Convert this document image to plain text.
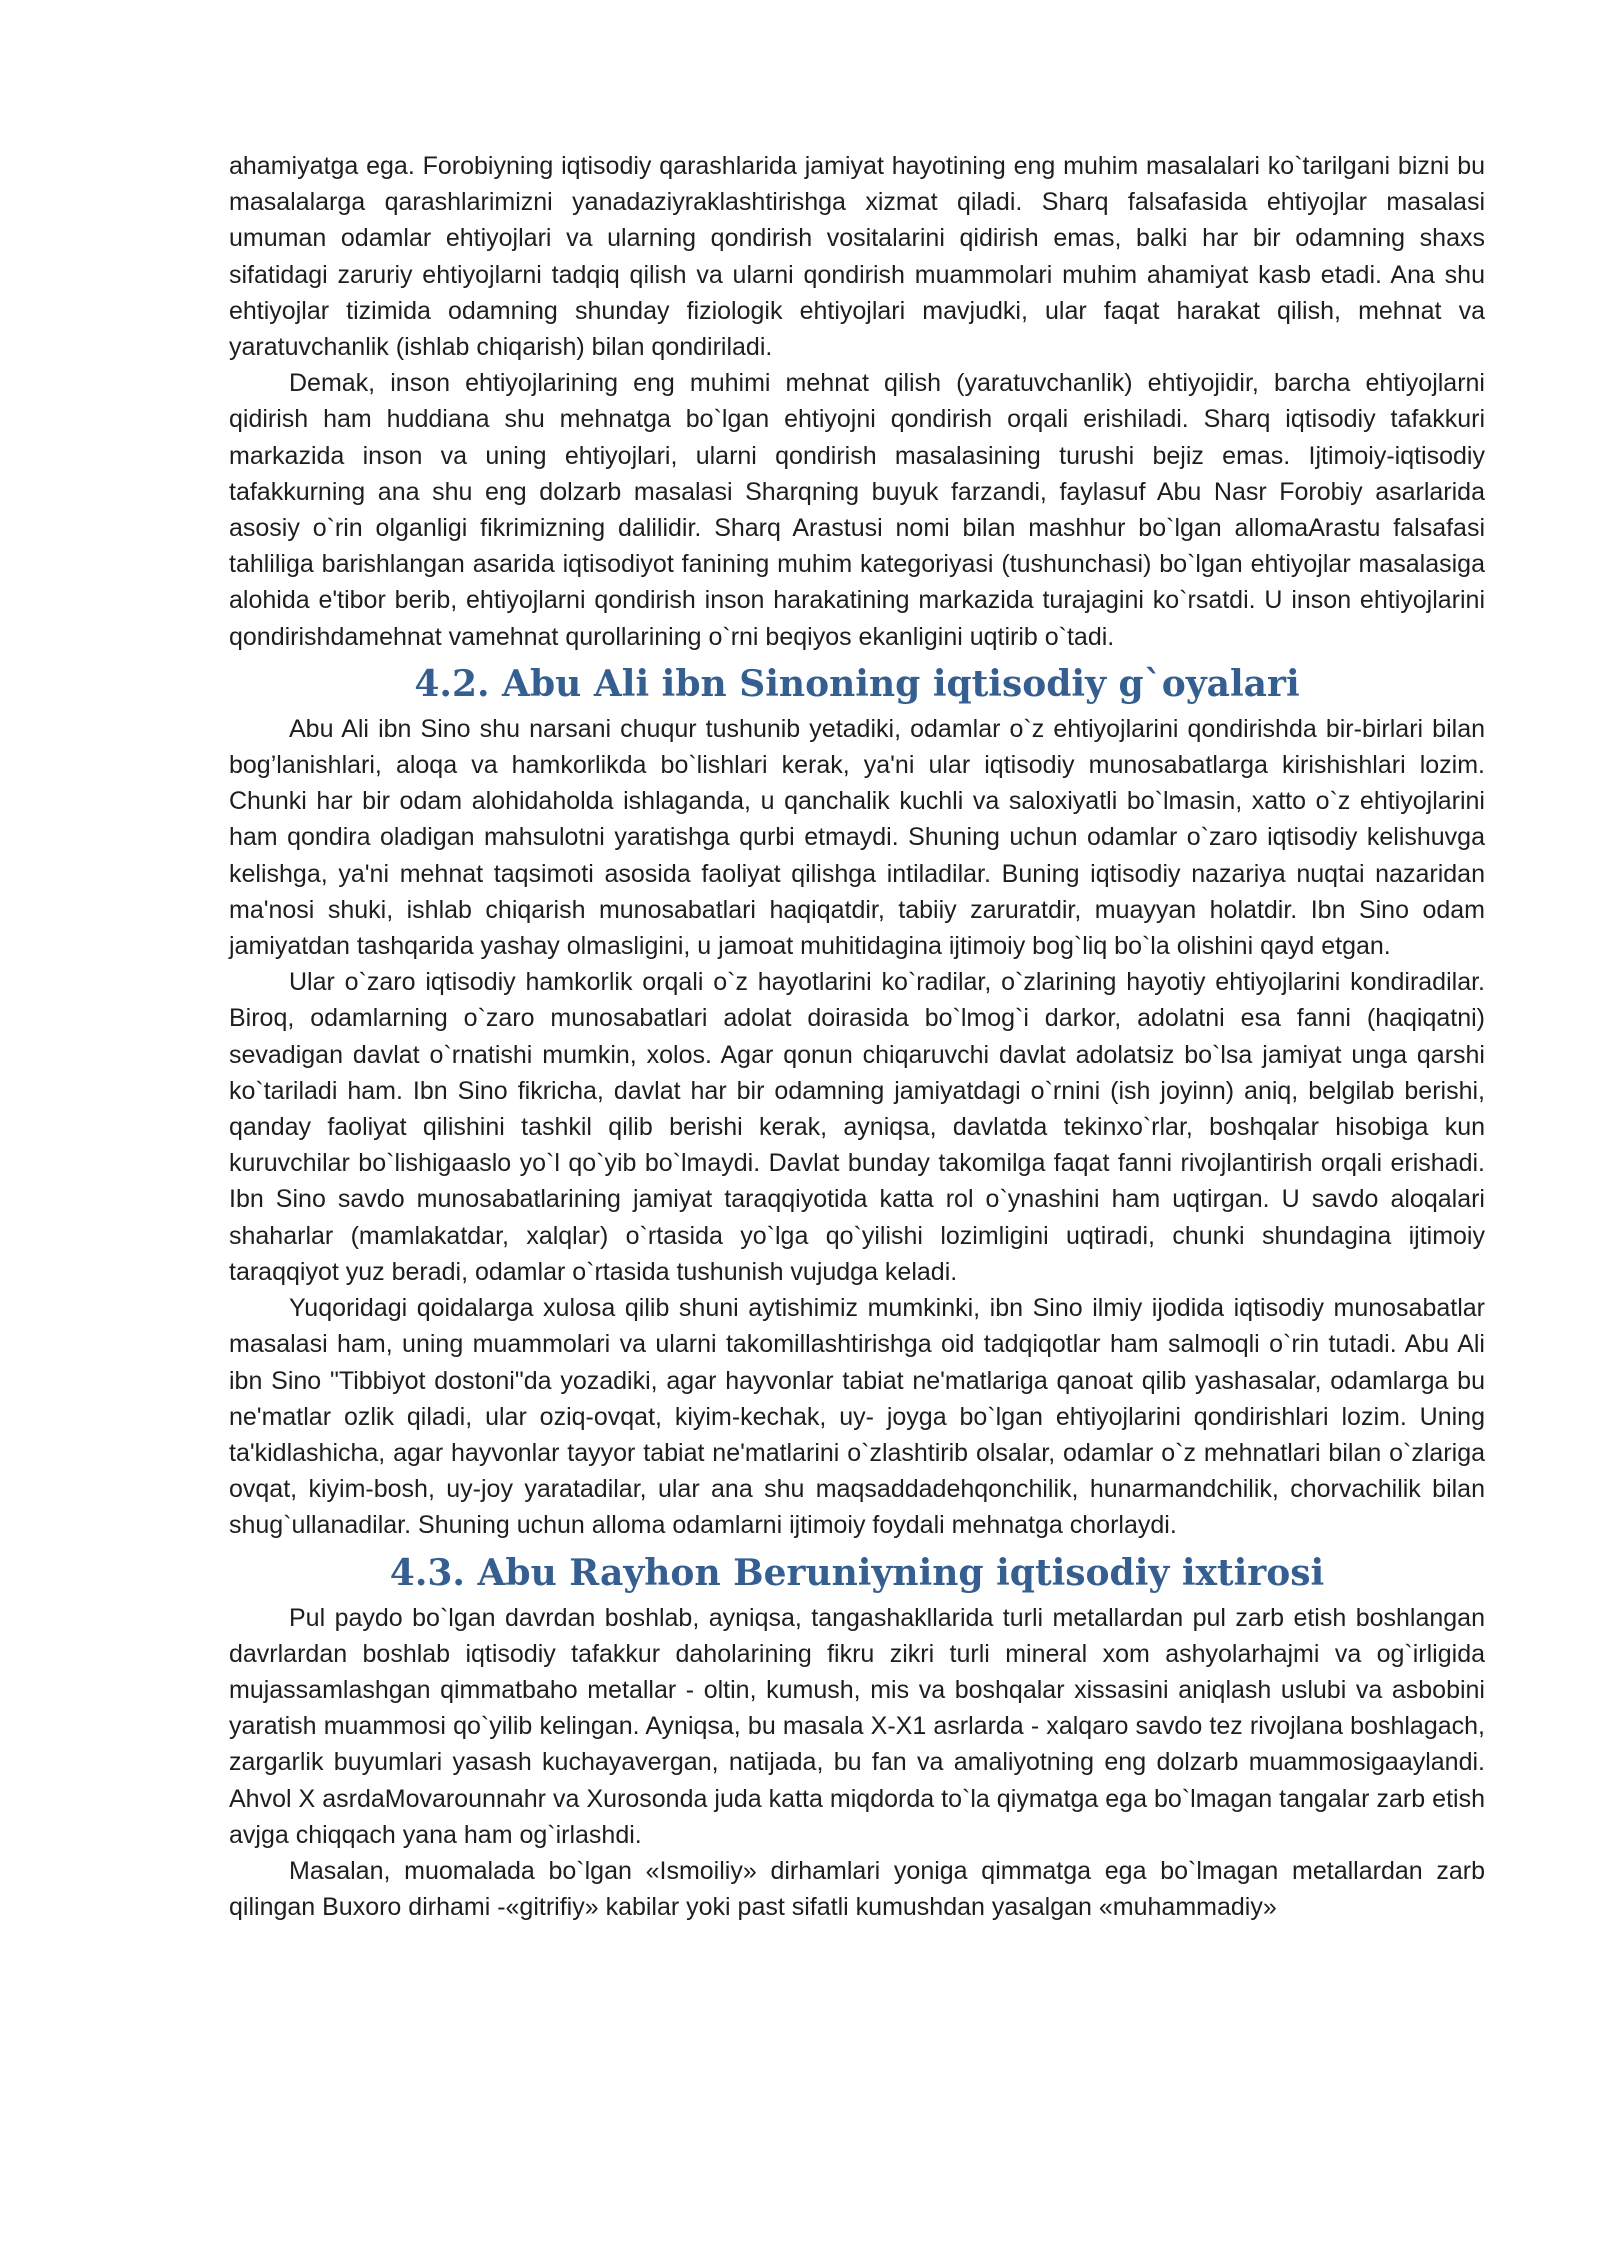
ahamiyatga ega. Forobiyning iqtisodiy qarashlarida jamiyat hayotining eng muhim masalalari ko`tarilgani bizni bu masalalarga qarashlarimizni yanadaziyraklashtirishga xizmat qiladi. Sharq falsafasida ehtiyojlar masalasi umuman odamlar ehtiyojlari va ularning qondirish vositalarini qidirish emas, balki har bir odamning shaxs sifatidagi zaruriy ehtiyojlarni tadqiq qilish va ularni qondirish muammolari muhim ahamiyat kasb etadi. Ana shu ehtiyojlar tizimida odamning shunday fiziologik ehtiyojlari mavjudki, ular faqat harakat qilish, mehnat va yaratuvchanlik (ishlab chiqarish) bilan qondiriladi.

Demak, inson ehtiyojlarining eng muhimi mehnat qilish (yaratuvchanlik) ehtiyojidir, barcha ehtiyojlarni qidirish ham huddiana shu mehnatga bo`lgan ehtiyojni qondirish orqali erishiladi. Sharq iqtisodiy tafakkuri markazida inson va uning ehtiyojlari, ularni qondirish masalasining turushi bejiz emas. Ijtimoiy-iqtisodiy tafakkurning ana shu eng dolzarb masalasi Sharqning buyuk farzandi, faylasuf Abu Nasr Forobiy asarlarida asosiy o`rin olganligi fikrimizning dalilidir. Sharq Arastusi nomi bilan mashhur bo`lgan allomaArastu falsafasi tahliliga barishlangan asarida iqtisodiyot fanining muhim kategoriyasi (tushunchasi) bo`lgan ehtiyojlar masalasiga alohida e'tibor berib, ehtiyojlarni qondirish inson harakatining markazida turajagini ko`rsatdi. U inson ehtiyojlarini qondirishdamehnat vamehnat qurollarining o`rni beqiyos ekanligini uqtirib o`tadi.

4.2. Abu Ali ibn Sinoning iqtisodiy g`oyalari

Abu Ali ibn Sino shu narsani chuqur tushunib yetadiki, odamlar o`z ehtiyojlarini qondirishda bir-birlari bilan bog’lanishlari, aloqa va hamkorlikda bo`lishlari kerak, ya'ni ular iqtisodiy munosabatlarga kirishishlari lozim. Chunki har bir odam alohidaholda ishlaganda, u qanchalik kuchli va saloxiyatli bo`lmasin, xatto o`z ehtiyojlarini ham qondira oladigan mahsulotni yaratishga qurbi etmaydi. Shuning uchun odamlar o`zaro iqtisodiy kelishuvga kelishga, ya'ni mehnat taqsimoti asosida faoliyat qilishga intiladilar. Buning iqtisodiy nazariya nuqtai nazaridan ma'nosi shuki, ishlab chiqarish munosabatlari haqiqatdir, tabiiy zaruratdir, muayyan holatdir. Ibn Sino odam jamiyatdan tashqarida yashay olmasligini, u jamoat muhitidagina ijtimoiy bog`liq bo`la olishini qayd etgan.

Ular o`zaro iqtisodiy hamkorlik orqali o`z hayotlarini ko`radilar, o`zlarining hayotiy ehtiyojlarini kondiradilar. Biroq, odamlarning o`zaro munosabatlari adolat doirasida bo`lmog`i darkor, adolatni esa fanni (haqiqatni) sevadigan davlat o`rnatishi mumkin, xolos. Agar qonun chiqaruvchi davlat adolatsiz bo`lsa jamiyat unga qarshi ko`tariladi ham. Ibn Sino fikricha, davlat har bir odamning jamiyatdagi o`rnini (ish joyinn) aniq, belgilab berishi, qanday faoliyat qilishini tashkil qilib berishi kerak, ayniqsa, davlatda tekinxo`rlar, boshqalar hisobiga kun kuruvchilar bo`lishigaaslo yo`l qo`yib bo`lmaydi. Davlat bunday takomilga faqat fanni rivojlantirish orqali erishadi. Ibn Sino savdo munosabatlarining jamiyat taraqqiyotida katta rol o`ynashini ham uqtirgan. U savdo aloqalari shaharlar (mamlakatdar, xalqlar) o`rtasida yo`lga qo`yilishi lozimligini uqtiradi, chunki shundagina ijtimoiy taraqqiyot yuz beradi, odamlar o`rtasida tushunish vujudga keladi.

Yuqoridagi qoidalarga xulosa qilib shuni aytishimiz mumkinki, ibn Sino ilmiy ijodida iqtisodiy munosabatlar masalasi ham, uning muammolari va ularni takomillashtirishga oid tadqiqotlar ham salmoqli o`rin tutadi. Abu Ali ibn Sino "Tibbiyot dostoni"da yozadiki, agar hayvonlar tabiat ne'matlariga qanoat qilib yashasalar, odamlarga bu ne'matlar ozlik qiladi, ular oziq-ovqat, kiyim-kechak, uy- joyga bo`lgan ehtiyojlarini qondirishlari lozim. Uning ta'kidlashicha, agar hayvonlar tayyor tabiat ne'matlarini o`zlashtirib olsalar, odamlar o`z mehnatlari bilan o`zlariga ovqat, kiyim-bosh, uy-joy yaratadilar, ular ana shu maqsaddadehqonchilik, hunarmandchilik, chorvachilik bilan shug`ullanadilar. Shuning uchun alloma odamlarni ijtimoiy foydali mehnatga chorlaydi.

4.3. Abu Rayhon Beruniyning iqtisodiy ixtirosi

Pul paydo bo`lgan davrdan boshlab, ayniqsa, tangashakllarida turli metallardan pul zarb etish boshlangan davrlardan boshlab iqtisodiy tafakkur daholarining fikru zikri turli mineral xom ashyolarhajmi va og`irligida mujassamlashgan qimmatbaho metallar - oltin, kumush, mis va boshqalar xissasini aniqlash uslubi va asbobini yaratish muammosi qo`yilib kelingan. Ayniqsa, bu masala X-X1 asrlarda - xalqaro savdo tez rivojlana boshlagach, zargarlik buyumlari yasash kuchayavergan, natijada, bu fan va amaliyotning eng dolzarb muammosigaaylandi. Ahvol X asrdaMovarounnahr va Xurosonda juda katta miqdorda to`la qiymatga ega bo`lmagan tangalar zarb etish avjga chiqqach yana ham og`irlashdi.

Masalan, muomalada bo`lgan «Ismoiliy» dirhamlari yoniga qimmatga ega bo`lmagan metallardan zarb qilingan Buxoro dirhami -«gitrifiy» kabilar yoki past sifatli kumushdan yasalgan «muhammadiy»
